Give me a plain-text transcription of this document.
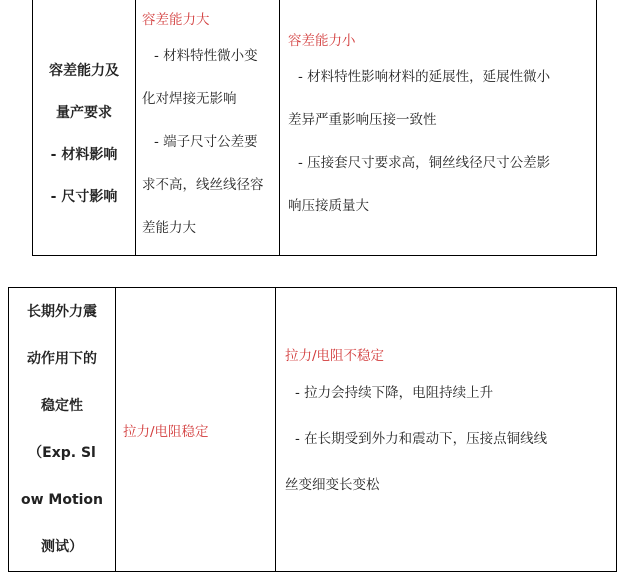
容差能力及
量产要求
- 材料影响
- 尺寸影响

容差能力大
- 材料特性微小变
化对焊接无影响
- 端子尺寸公差要
求不高，线丝线径容
差能力大

容差能力小
- 材料特性影响材料的延展性，延展性微小
差异严重影响压接一致性
- 压接套尺寸要求高，铜丝线径尺寸公差影
响压接质量大
长期外力震
动作用下的
稳定性
（Exp. Sl
ow Motion
测试）

拉力/电阻稳定

拉力/电阻不稳定
- 拉力会持续下降，电阻持续上升
- 在长期受到外力和震动下，压接点铜线线
丝变细变长变松
